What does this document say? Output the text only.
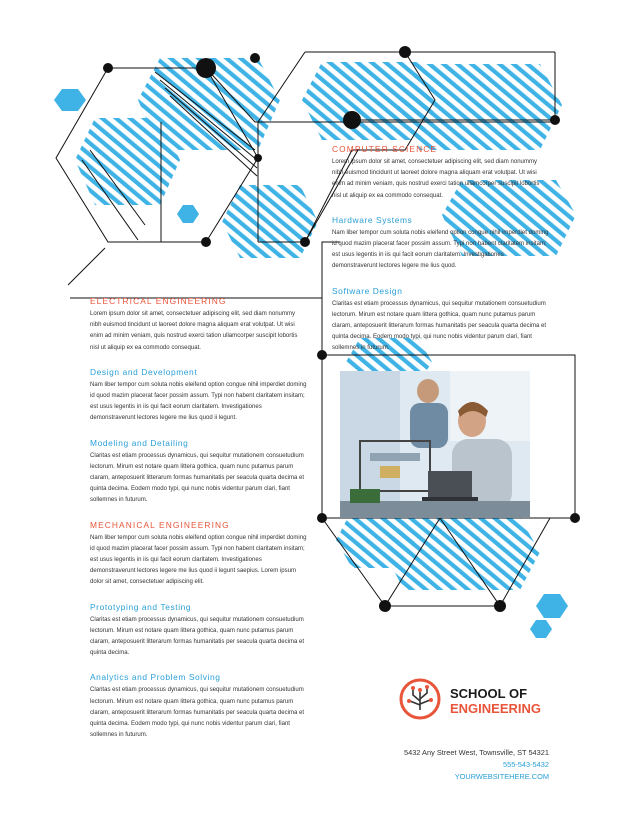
COMPUTER SCIENCE

Lorem ipsum dolor sit amet, consectetuer adipiscing elit, sed diam nonummy nibh euismod tincidunt ut laoreet dolore magna aliquam erat volutpat. Ut wisi enim ad minim veniam, quis nostrud exerci tation ullamcorper suscipit lobortis nisl ut aliquip ex ea commodo consequat.

Hardware Systems

Nam liber tempor cum soluta nobis eleifend option congue nihil imperdiet doming id quod mazim placerat facer possim assum. Typi non habent claritatem insitam; est usus legentis in iis qui facit eorum claritatem. Investigationes demonstraverunt lectores legere me lius quod.

Software Design

Claritas est etiam processus dynamicus, qui sequitur mutationem consuetudium lectorum. Mirum est notare quam littera gothica, quam nunc putamus parum claram, anteposuerit litterarum formas humanitatis per seacula quarta decima et quinta decima. Eodem modo typi, qui nunc nobis videntur parum clari, fiant sollemnes in futurum.

ELECTRICAL ENGINEERING

Lorem ipsum dolor sit amet, consectetuer adipiscing elit, sed diam nonummy nibh euismod tincidunt ut laoreet dolore magna aliquam erat volutpat. Ut wisi enim ad minim veniam, quis nostrud exerci tation ullamcorper suscipit lobortis nisl ut aliquip ex ea commodo consequat.

Design and Development

Nam liber tempor cum soluta nobis eleifend option congue nihil imperdiet doming id quod mazim placerat facer possim assum. Typi non habent claritatem insitam; est usus legentis in iis qui facit eorum claritatem. Investigationes demonstraverunt lectores legere me lius quod ii legunt.

Modeling and Detailing

Claritas est etiam processus dynamicus, qui sequitur mutationem consuetudium lectorum. Mirum est notare quam littera gothica, quam nunc putamus parum claram, anteposuerit litterarum formas humanitatis per seacula quarta decima et quinta decima. Eodem modo typi, qui nunc nobis videntur parum clari, fiant sollemnes in futurum.

MECHANICAL ENGINEERING

Nam liber tempor cum soluta nobis eleifend option congue nihil imperdiet doming id quod mazim placerat facer possim assum. Typi non habent claritatem insitam; est usus legentis in iis qui facit eorum claritatem. Investigationes demonstraverunt lectores legere me lius quod ii legunt saepius. Lorem ipsum dolor sit amet, consectetuer adipiscing elit.

Prototyping and Testing

Claritas est etiam processus dynamicus, qui sequitur mutationem consuetudium lectorum. Mirum est notare quam littera gothica, quam nunc putamus parum claram, anteposuerit litterarum formas humanitatis per seacula quarta decima et quinta decima.

Analytics and Problem Solving

Claritas est etiam processus dynamicus, qui sequitur mutationem consuetudium lectorum. Mirum est notare quam littera gothica, quam nunc putamus parum claram, anteposuerit litterarum formas humanitatis per seacula quarta decima et quinta decima. Eodem modo typi, qui nunc nobis videntur parum clari, fiant sollemnes in futurum.

SCHOOL OF
ENGINEERING
5432 Any Street West, Townsville, ST 54321
555-543-5432
YOURWEBSITEHERE.COM
